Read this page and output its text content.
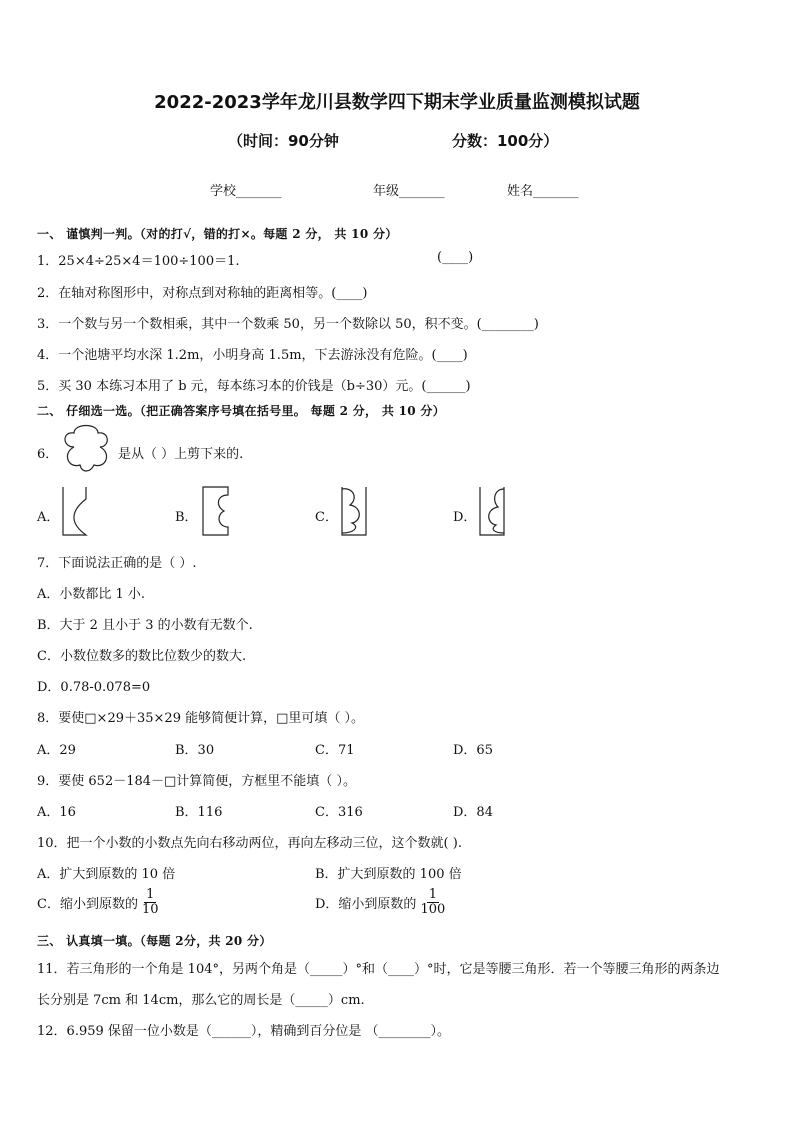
2022-2023学年龙川县数学四下期末学业质量监测模拟试题
（时间：90分钟	分数：100分）
学校_______	年级_______	姓名_______
一、 谨慎判一判。（对的打√，错的打×。每题 2 分， 共 10 分）
1．25×4÷25×4＝100÷100＝1.	(____)
2．在轴对称图形中，对称点到对称轴的距离相等。(____)
3．一个数与另一个数相乘，其中一个数乘 50，另一个数除以 50，积不变。(________)
4．一个池塘平均水深 1.2m，小明身高 1.5m，下去游泳没有危险。(____)
5．买 30 本练习本用了 b 元，每本练习本的价钱是（b÷30）元。(______)
二、 仔细选一选。（把正确答案序号填在括号里。 每题 2 分， 共 10 分）
6．	是从（ ）上剪下来的.
A．	B．	C．	D．
7．下面说法正确的是（ ）.
A．小数都比 1 小.
B．大于 2 且小于 3 的小数有无数个.
C．小数位数多的数比位数少的数大.
D．0.78-0.078=0
8．要使□×29＋35×29 能够简便计算，□里可填（ ）。
A．29	B．30	C．71	D．65
9．要使 652－184－□计算简便，方框里不能填（ ）。
A．16	B．116	C．316	D．84
10．把一个小数的小数点先向右移动两位，再向左移动三位，这个数就( ).
A．扩大到原数的 10 倍	B．扩大到原数的 100 倍
C．缩小到原数的 $\frac{1}{10}$	D．缩小到原数的 $\frac{1}{100}$
三、 认真填一填。（每题 2分，共 20 分）
11．若三角形的一个角是 104°，另两个角是（_____）°和（____）°时，它是等腰三角形．若一个等腰三角形的两条边
长分别是 7cm 和 14cm，那么它的周长是（_____）cm.
12．6.959 保留一位小数是（______），精确到百分位是 （________）。
